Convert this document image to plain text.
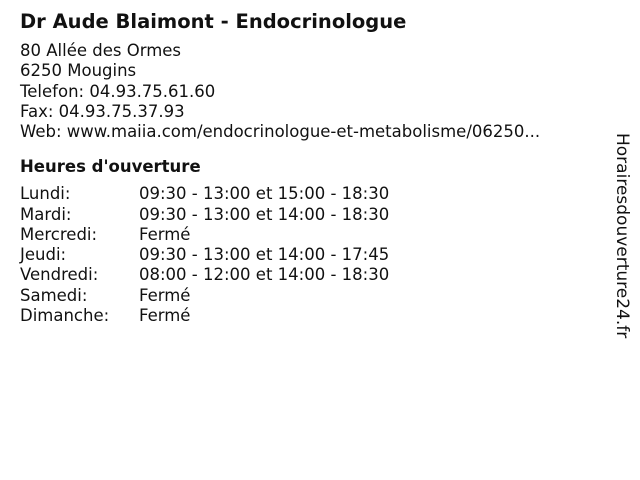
Dr Aude Blaimont - Endocrinologue
80 Allée des Ormes
6250 Mougins
Telefon: 04.93.75.61.60
Fax: 04.93.75.37.93
Web: www.maiia.com/endocrinologue-et-metabolisme/06250...
Heures d'ouverture
Lundi:	09:30 - 13:00 et 15:00 - 18:30
Mardi:	09:30 - 13:00 et 14:00 - 18:30
Mercredi:	Fermé
Jeudi:	09:30 - 13:00 et 14:00 - 17:45
Vendredi: 08:00 - 12:00 et 14:00 - 18:30
Samedi:	Fermé
Dimanche: Fermé	Horairesdouverture24.fr
